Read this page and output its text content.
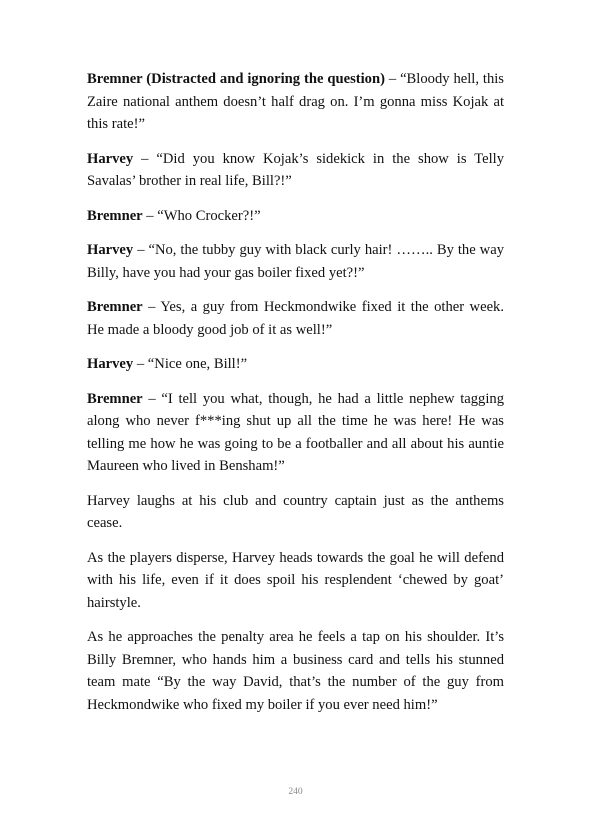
Bremner (Distracted and ignoring the question) – “Bloody hell, this Zaire national anthem doesn’t half drag on. I’m gonna miss Kojak at this rate!”

Harvey – “Did you know Kojak’s sidekick in the show is Telly Savalas’ brother in real life, Bill?!”

Bremner – “Who Crocker?!”

Harvey – “No, the tubby guy with black curly hair! …….. By the way Billy, have you had your gas boiler fixed yet?!”

Bremner – Yes, a guy from Heckmondwike fixed it the other week. He made a bloody good job of it as well!”

Harvey – “Nice one, Bill!”

Bremner – “I tell you what, though, he had a little nephew tagging along who never f***ing shut up all the time he was here! He was telling me how he was going to be a footballer and all about his auntie Maureen who lived in Bensham!”

Harvey laughs at his club and country captain just as the anthems cease.

As the players disperse, Harvey heads towards the goal he will defend with his life, even if it does spoil his resplendent ‘chewed by goat’ hairstyle.

As he approaches the penalty area he feels a tap on his shoulder. It’s Billy Bremner, who hands him a business card and tells his stunned team mate “By the way David, that’s the number of the guy from Heckmondwike who fixed my boiler if you ever need him!”

240
